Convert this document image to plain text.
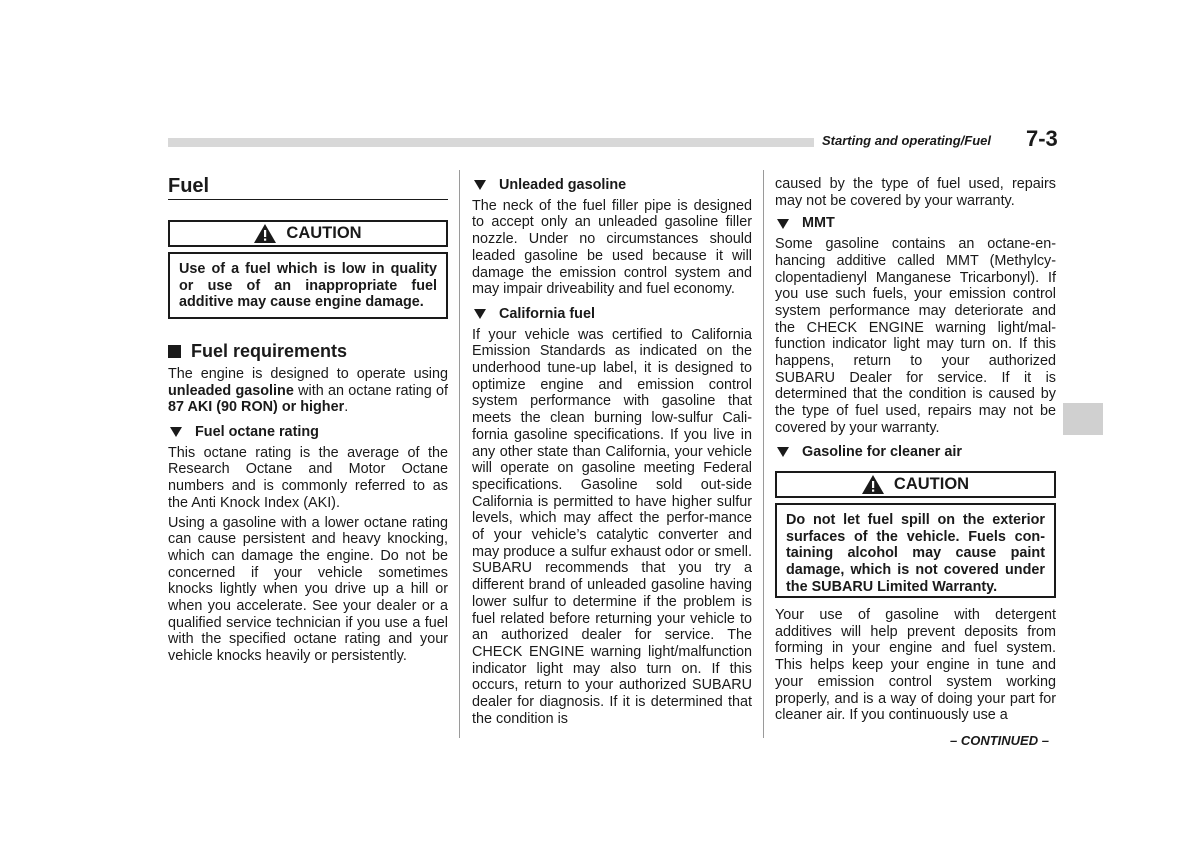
Starting and operating/Fuel 7-3
Fuel
CAUTION

Use of a fuel which is low in quality or use of an inappropriate fuel additive may cause engine damage.

Fuel requirements

The engine is designed to operate using unleaded gasoline with an octane rating of 87 AKI (90 RON) or higher.

Fuel octane rating

This octane rating is the average of the Research Octane and Motor Octane numbers and is commonly referred to as the Anti Knock Index (AKI).

Using a gasoline with a lower octane rating can cause persistent and heavy knocking, which can damage the engine. Do not be concerned if your vehicle sometimes knocks lightly when you drive up a hill or when you accelerate. See your dealer or a qualified service technician if you use a fuel with the specified octane rating and your vehicle knocks heavily or persistently.

Unleaded gasoline

The neck of the fuel filler pipe is designed to accept only an unleaded gasoline filler nozzle. Under no circumstances should leaded gasoline be used because it will damage the emission control system and may impair driveability and fuel economy.

California fuel

If your vehicle was certified to California Emission Standards as indicated on the underhood tune-up label, it is designed to optimize engine and emission control system performance with gasoline that meets the clean burning low-sulfur Cali-fornia gasoline specifications. If you live in any other state than California, your vehicle will operate on gasoline meeting Federal specifications. Gasoline sold out-side California is permitted to have higher sulfur levels, which may affect the perfor-mance of your vehicle’s catalytic converter and may produce a sulfur exhaust odor or smell. SUBARU recommends that you try a different brand of unleaded gasoline having lower sulfur to determine if the problem is fuel related before returning your vehicle to an authorized dealer for service. The CHECK ENGINE warning light/malfunction indicator light may also turn on. If this occurs, return to your authorized SUBARU dealer for diagnosis. If it is determined that the condition is

caused by the type of fuel used, repairs may not be covered by your warranty.

MMT

Some gasoline contains an octane-en-hancing additive called MMT (Methylcy-clopentadienyl Manganese Tricarbonyl). If you use such fuels, your emission control system performance may deteriorate and the CHECK ENGINE warning light/mal-function indicator light may turn on. If this happens, return to your authorized SUBARU Dealer for service. If it is determined that the condition is caused by the type of fuel used, repairs may not be covered by your warranty.

Gasoline for cleaner air
CAUTION

Do not let fuel spill on the exterior surfaces of the vehicle. Fuels con-taining alcohol may cause paint damage, which is not covered under the SUBARU Limited Warranty.

Your use of gasoline with detergent additives will help prevent deposits from forming in your engine and fuel system. This helps keep your engine in tune and your emission control system working properly, and is a way of doing your part for cleaner air. If you continuously use a

– CONTINUED –
